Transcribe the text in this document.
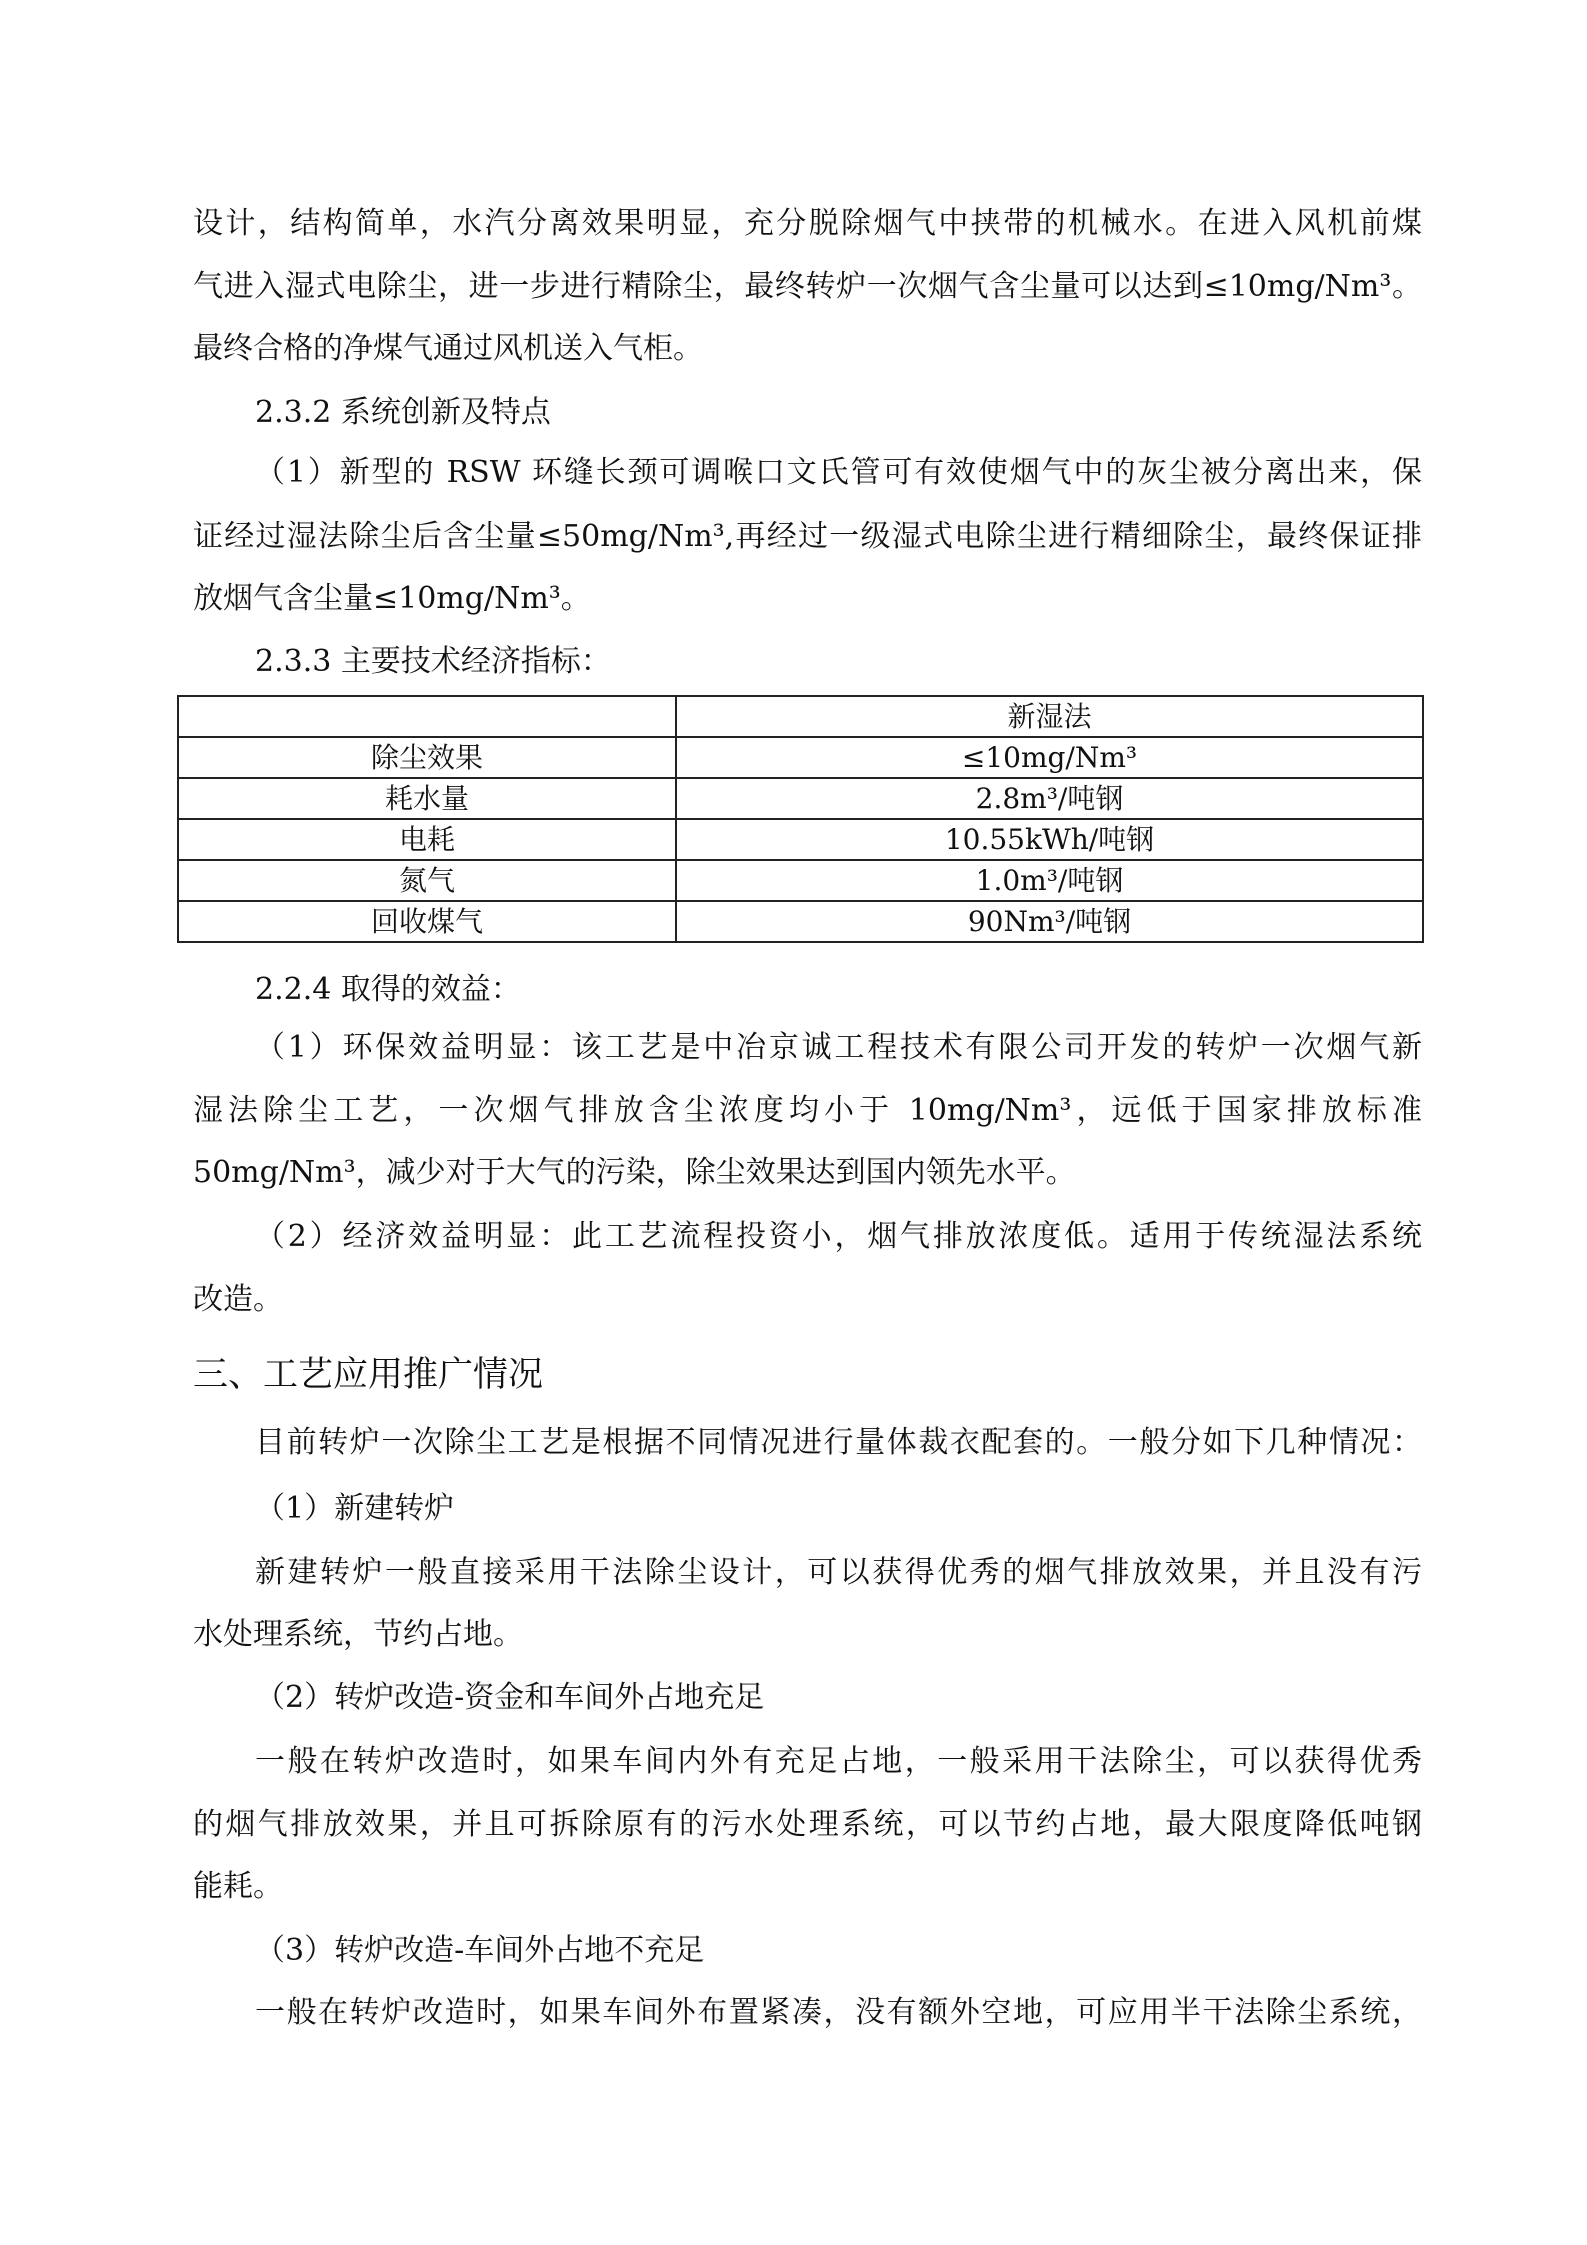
	新湿法
除尘效果	≤10mg/Nm³
耗水量	2.8m³/吨钢
电耗	10.55kWh/吨钢
氮气	1.0m³/吨钢
回收煤气	90Nm³/吨钢
设计，结构简单，水汽分离效果明显，充分脱除烟气中挟带的机械水。在进入风机前煤
气进入湿式电除尘，进一步进行精除尘，最终转炉一次烟气含尘量可以达到≤10mg/Nm³。
最终合格的净煤气通过风机送入气柜。
2.3.2 系统创新及特点
（1）新型的 RSW 环缝长颈可调喉口文氏管可有效使烟气中的灰尘被分离出来，保
证经过湿法除尘后含尘量≤50mg/Nm³,再经过一级湿式电除尘进行精细除尘，最终保证排
放烟气含尘量≤10mg/Nm³。
2.3.3 主要技术经济指标：
2.2.4 取得的效益：
（1）环保效益明显：该工艺是中冶京诚工程技术有限公司开发的转炉一次烟气新
湿法除尘工艺，一次烟气排放含尘浓度均小于 10mg/Nm³，远低于国家排放标准
50mg/Nm³，减少对于大气的污染，除尘效果达到国内领先水平。
（2）经济效益明显：此工艺流程投资小，烟气排放浓度低。适用于传统湿法系统
改造。
三、工艺应用推广情况
目前转炉一次除尘工艺是根据不同情况进行量体裁衣配套的。一般分如下几种情况：
（1）新建转炉
新建转炉一般直接采用干法除尘设计，可以获得优秀的烟气排放效果，并且没有污
水处理系统，节约占地。
（2）转炉改造-资金和车间外占地充足
一般在转炉改造时，如果车间内外有充足占地，一般采用干法除尘，可以获得优秀
的烟气排放效果，并且可拆除原有的污水处理系统，可以节约占地，最大限度降低吨钢
能耗。
（3）转炉改造-车间外占地不充足
一般在转炉改造时，如果车间外布置紧凑，没有额外空地，可应用半干法除尘系统，
